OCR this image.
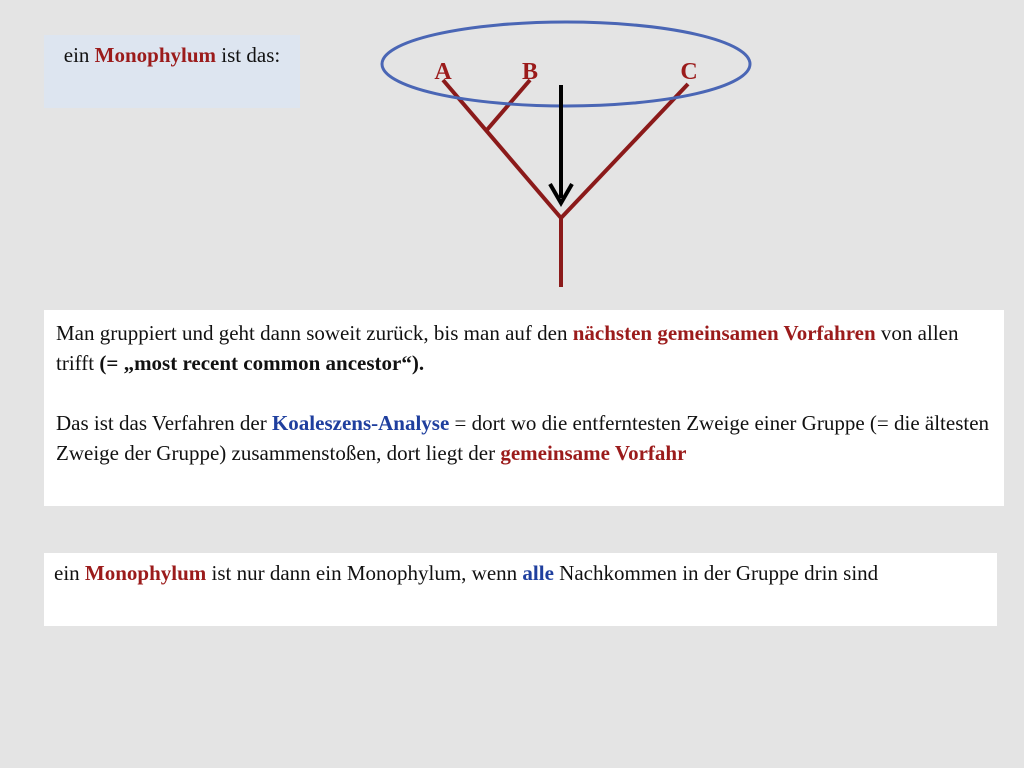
ein Monophylum ist das:
A	B	C

Man gruppiert und geht dann soweit zurück, bis man auf den nächsten gemeinsamen Vorfahren von allen trifft (= „most recent common ancestor“).

Das ist das Verfahren der Koaleszens-Analyse = dort wo die entferntesten Zweige einer Gruppe (= die ältesten Zweige der Gruppe) zusammenstoßen, dort liegt der gemeinsame Vorfahr

ein Monophylum ist nur dann ein Monophylum, wenn alle Nachkommen in der Gruppe drin sind
